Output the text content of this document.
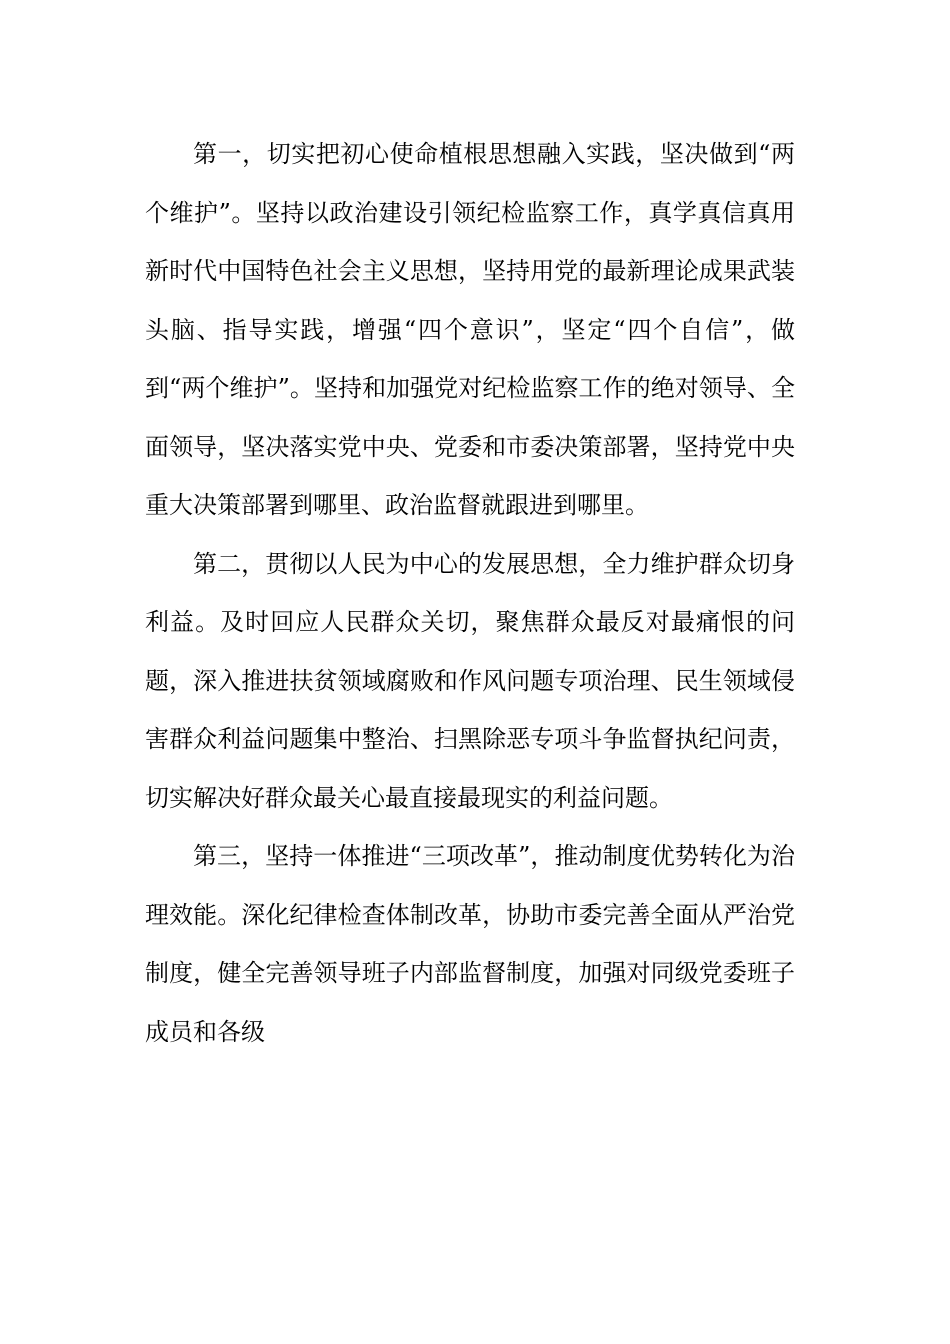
第一，切实把初心使命植根思想融入实践，坚决做到“两个维护”。坚持以政治建设引领纪检监察工作，真学真信真用新时代中国特色社会主义思想，坚持用党的最新理论成果武装头脑、指导实践，增强“四个意识”，坚定“四个自信”，做到“两个维护”。坚持和加强党对纪检监察工作的绝对领导、全面领导，坚决落实党中央、党委和市委决策部署，坚持党中央重大决策部署到哪里、政治监督就跟进到哪里。

第二，贯彻以人民为中心的发展思想，全力维护群众切身利益。及时回应人民群众关切，聚焦群众最反对最痛恨的问题，深入推进扶贫领域腐败和作风问题专项治理、民生领域侵害群众利益问题集中整治、扫黑除恶专项斗争监督执纪问责，切实解决好群众最关心最直接最现实的利益问题。

第三，坚持一体推进“三项改革”，推动制度优势转化为治理效能。深化纪律检查体制改革，协助市委完善全面从严治党制度，健全完善领导班子内部监督制度，加强对同级党委班子成员和各级
